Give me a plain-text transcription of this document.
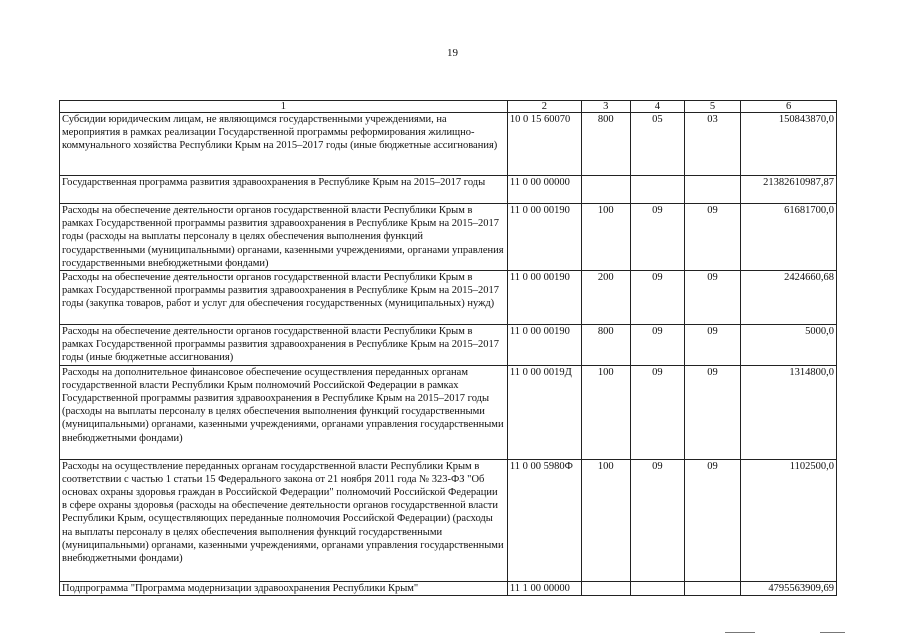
19
1	2	3	4	5	6
Субсидии юридическим лицам, не являющимся государственными учреждениями, на мероприятия в рамках реализации Государственной программы реформирования жилищно-коммунального хозяйства Республики Крым на 2015–2017 годы (иные бюджетные ассигнования)	10 0 15 60070	800	05	03	150843870,0
Государственная программа развития здравоохранения в Республике Крым на 2015–2017 годы	11 0 00 00000				21382610987,87
Расходы на обеспечение деятельности органов государственной власти Республики Крым в рамках Государственной программы развития здравоохранения в Республике Крым на 2015–2017 годы (расходы на выплаты персоналу в целях обеспечения выполнения функций государственными (муниципальными) органами, казенными учреждениями, органами управления государственными внебюджетными фондами)	11 0 00 00190	100	09	09	61681700,0
Расходы на обеспечение деятельности органов государственной власти Республики Крым в рамках Государственной программы развития здравоохранения в Республике Крым на 2015–2017 годы (закупка товаров, работ и услуг для обеспечения государственных (муниципальных) нужд)	11 0 00 00190	200	09	09	2424660,68
Расходы на обеспечение деятельности органов государственной власти Республики Крым в рамках Государственной программы развития здравоохранения в Республике Крым на 2015–2017 годы (иные бюджетные ассигнования)	11 0 00 00190	800	09	09	5000,0
Расходы на дополнительное финансовое обеспечение осуществления переданных органам государственной власти Республики Крым полномочий Российской Федерации в рамках Государственной программы развития здравоохранения в Республике Крым на 2015–2017 годы (расходы на выплаты персоналу в целях обеспечения выполнения функций государственными (муниципальными) органами, казенными учреждениями, органами управления государственными внебюджетными фондами)	11 0 00 0019Д	100	09	09	1314800,0
Расходы на осуществление переданных органам государственной власти Республики Крым в соответствии с частью 1 статьи 15 Федерального закона от 21 ноября 2011 года № 323-ФЗ "Об основах охраны здоровья граждан в Российской Федерации" полномочий Российской Федерации в сфере охраны здоровья (расходы на обеспечение деятельности органов государственной власти Республики Крым, осуществляющих переданные полномочия Российской Федерации) (расходы на выплаты персоналу в целях обеспечения выполнения функций государственными (муниципальными) органами, казенными учреждениями, органами управления государственными внебюджетными фондами)	11 0 00 5980Ф	100	09	09	1102500,0
Подпрограмма "Программа модернизации здравоохранения Республики Крым"	11 1 00 00000				4795563909,69
